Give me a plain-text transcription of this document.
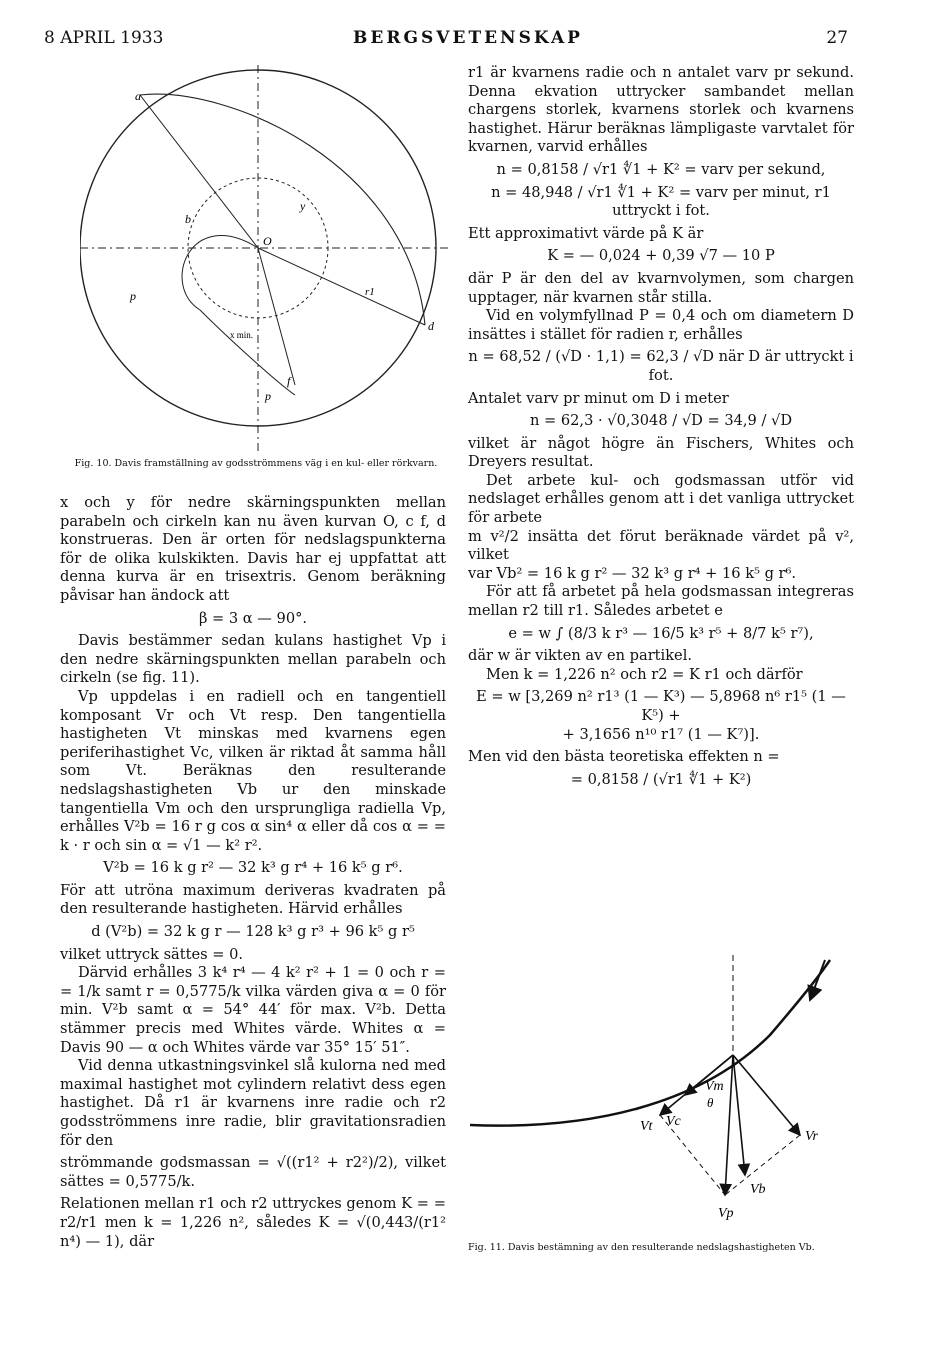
8 APRIL 1933	BERGSVETENSKAP	27
a
O
d
f
b
p
p
y
r1
x min.
Fig. 10. Davis framställning av godsströmmens väg i en kul- eller rörkvarn.

x och y för nedre skärningspunkten mellan parabeln och cirkeln kan nu även kurvan O, c f, d konstrueras. Den är orten för nedslagspunkterna för de olika kulskikten. Davis har ej uppfattat att denna kurva är en trisextris. Genom beräkning påvisar han ändock att

β = 3 α — 90°.

Davis bestämmer sedan kulans hastighet Vp i den nedre skärningspunkten mellan parabeln och cirkeln (se fig. 11).

Vp uppdelas i en radiell och en tangentiell komposant Vr och Vt resp. Den tangentiella hastigheten Vt minskas med kvarnens egen periferihastighet Vc, vilken är riktad åt samma håll som Vt. Beräknas den resulterande nedslagshastigheten Vb ur den minskade tangentiella Vm och den ursprungliga radiella Vp, erhålles V²b = 16 r g cos α sin⁴ α eller då cos α = = k · r och sin α = √1 — k² r².

V²b = 16 k g r² — 32 k³ g r⁴ + 16 k⁵ g r⁶.

För att utröna maximum deriveras kvadraten på den resulterande hastigheten. Härvid erhålles

d (V²b) = 32 k g r — 128 k³ g r³ + 96 k⁵ g r⁵

vilket uttryck sättes = 0.

Därvid erhålles 3 k⁴ r⁴ — 4 k² r² + 1 = 0 och r = = 1/k samt r = 0,5775/k vilka värden giva α = 0 för min. V²b samt α = 54° 44′ för max. V²b. Detta stämmer precis med Whites värde. Whites α = Davis 90 — α och Whites värde var 35° 15′ 51″.

Vid denna utkastningsvinkel slå kulorna ned med maximal hastighet mot cylindern relativt dess egen hastighet. Då r1 är kvarnens inre radie och r2 godsströmmens inre radie, blir gravitationsradien för den

strömmande godsmassan = √((r1² + r2²)/2), vilket sättes = 0,5775/k.

Relationen mellan r1 och r2 uttryckes genom K = = r2/r1 men k = 1,226 n², således K = √(0,443/(r1² n⁴) — 1), där

r1 är kvarnens radie och n antalet varv pr sekund. Denna ekvation uttrycker sambandet mellan chargens storlek, kvarnens storlek och kvarnens hastighet. Härur beräknas lämpligaste varvtalet för kvarnen, varvid erhålles

n = 0,8158 / √r1 ∜1 + K² = varv per sekund,
n = 48,948 / √r1 ∜1 + K² = varv per minut, r1 uttryckt i fot.

Ett approximativt värde på K är

K = — 0,024 + 0,39 √7 — 10 P

där P är den del av kvarnvolymen, som chargen upptager, när kvarnen står stilla.

Vid en volymfyllnad P = 0,4 och om diametern D insättes i stället för radien r, erhålles

n = 68,52 / (√D · 1,1) = 62,3 / √D när D är uttryckt i fot.

Antalet varv pr minut om D i meter

n = 62,3 · √0,3048 / √D = 34,9 / √D

vilket är något högre än Fischers, Whites och Dreyers resultat.

Det arbete kul- och godsmassan utför vid nedslaget erhålles genom att i det vanliga uttrycket för arbete

m v²/2 insätta det förut beräknade värdet på v², vilket

var Vb² = 16 k g r² — 32 k³ g r⁴ + 16 k⁵ g r⁶.

För att få arbetet på hela godsmassan integreras mellan r2 till r1. Således arbetet e

e = w ∫ (8/3 k r³ — 16/5 k³ r⁵ + 8/7 k⁵ r⁷),

där w är vikten av en partikel.

Men k = 1,226 n² och r2 = K r1 och därför

E = w [3,269 n² r1³ (1 — K³) — 5,8968 n⁶ r1⁵ (1 — K⁵) +
+ 3,1656 n¹⁰ r1⁷ (1 — K⁷)].

Men vid den bästa teoretiska effekten n =

= 0,8158 / (√r1 ∜1 + K²)
Vm
θ
Vt Vc
Vr
Vb
Vp
Fig. 11. Davis bestämning av den resulterande nedslagshastigheten Vb.
